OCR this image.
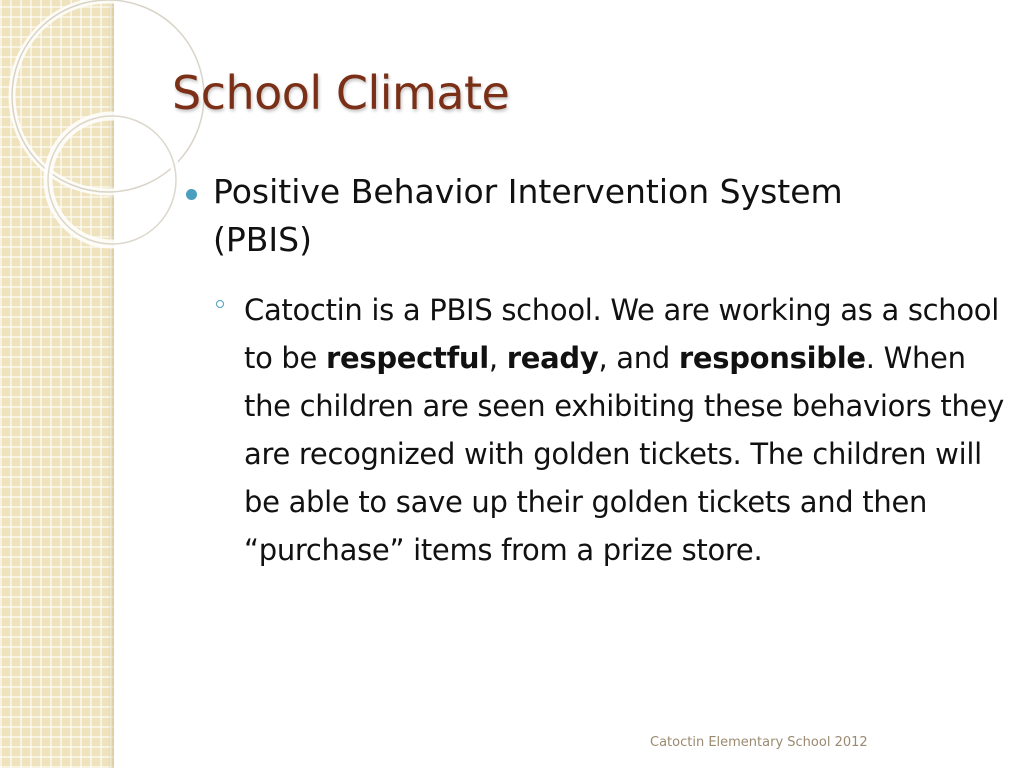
School Climate
Positive Behavior Intervention System (PBIS)
Catoctin is a PBIS school. We are working as a school to be respectful, ready, and responsible. When the children are seen exhibiting these behaviors they are recognized with golden tickets. The children will be able to save up their golden tickets and then “purchase” items from a prize store.
Catoctin Elementary School 2012
